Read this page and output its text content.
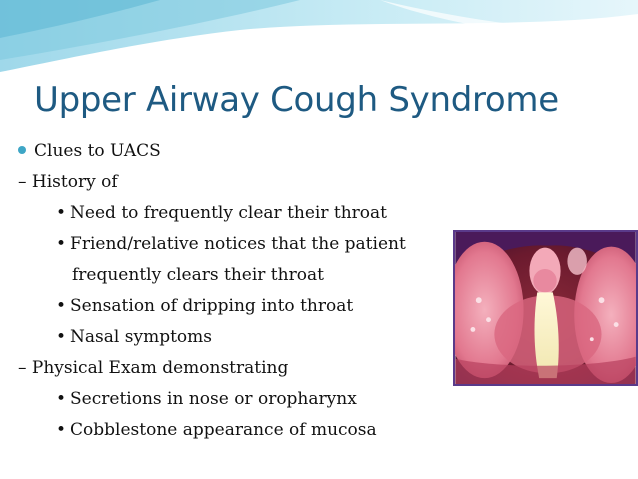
Upper Airway Cough Syndrome
Clues to UACS
– History of
• Need to frequently clear their throat
• Friend/relative notices that the patient
frequently clears their throat
• Sensation of dripping into throat
• Nasal symptoms
– Physical Exam demonstrating
• Secretions in nose or oropharynx
• Cobblestone appearance of mucosa
